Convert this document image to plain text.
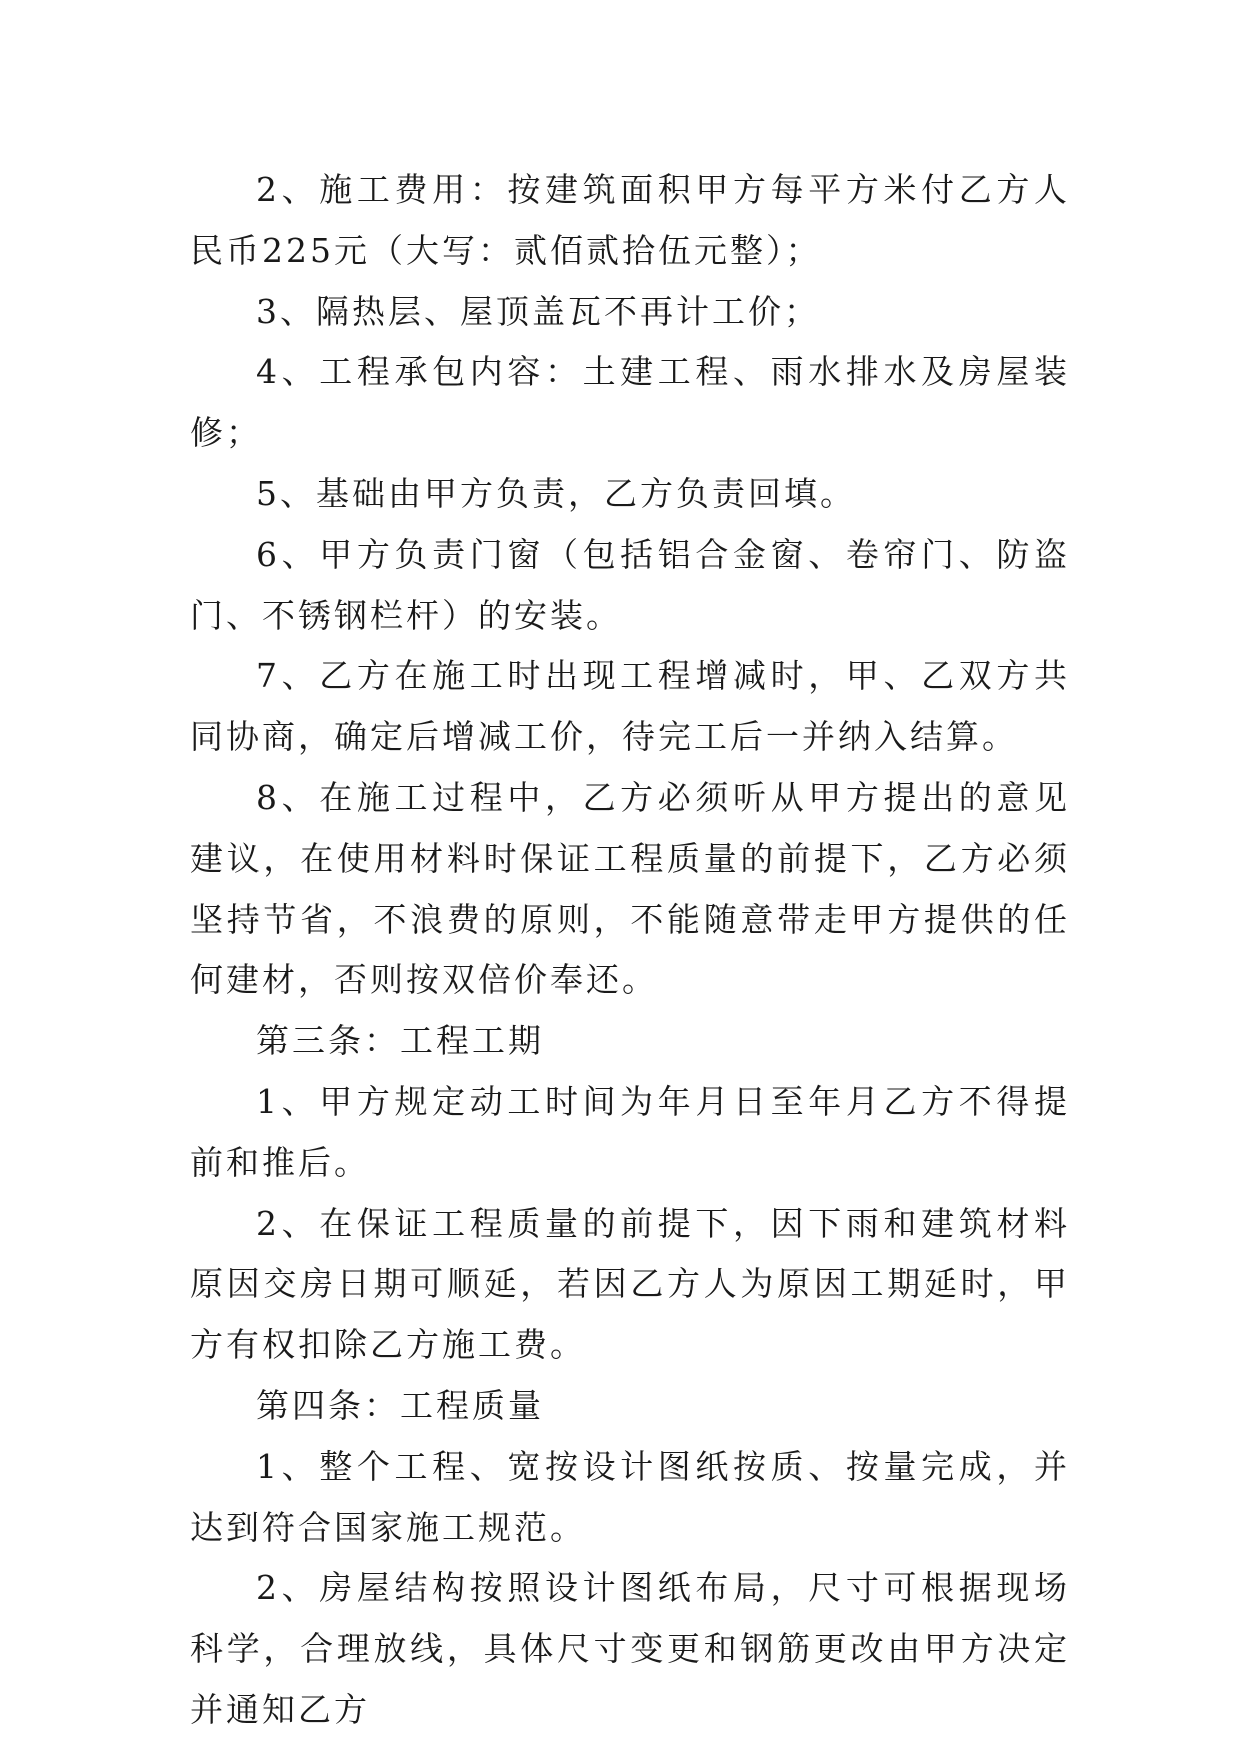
2、施工费用：按建筑面积甲方每平方米付乙方人民币225元（大写：贰佰贰拾伍元整）；

3、隔热层、屋顶盖瓦不再计工价；

4、工程承包内容：土建工程、雨水排水及房屋装修；

5、基础由甲方负责，乙方负责回填。

6、甲方负责门窗（包括铝合金窗、卷帘门、防盗门、不锈钢栏杆）的安装。

7、乙方在施工时出现工程增减时，甲、乙双方共同协商，确定后增减工价，待完工后一并纳入结算。

8、在施工过程中，乙方必须听从甲方提出的意见建议，在使用材料时保证工程质量的前提下，乙方必须坚持节省，不浪费的原则，不能随意带走甲方提供的任何建材，否则按双倍价奉还。

第三条：工程工期

1、甲方规定动工时间为年月日至年月乙方不得提前和推后。

2、在保证工程质量的前提下，因下雨和建筑材料原因交房日期可顺延，若因乙方人为原因工期延时，甲方有权扣除乙方施工费。

第四条：工程质量

1、整个工程、宽按设计图纸按质、按量完成，并达到符合国家施工规范。

2、房屋结构按照设计图纸布局，尺寸可根据现场科学，合理放线，具体尺寸变更和钢筋更改由甲方决定并通知乙方
